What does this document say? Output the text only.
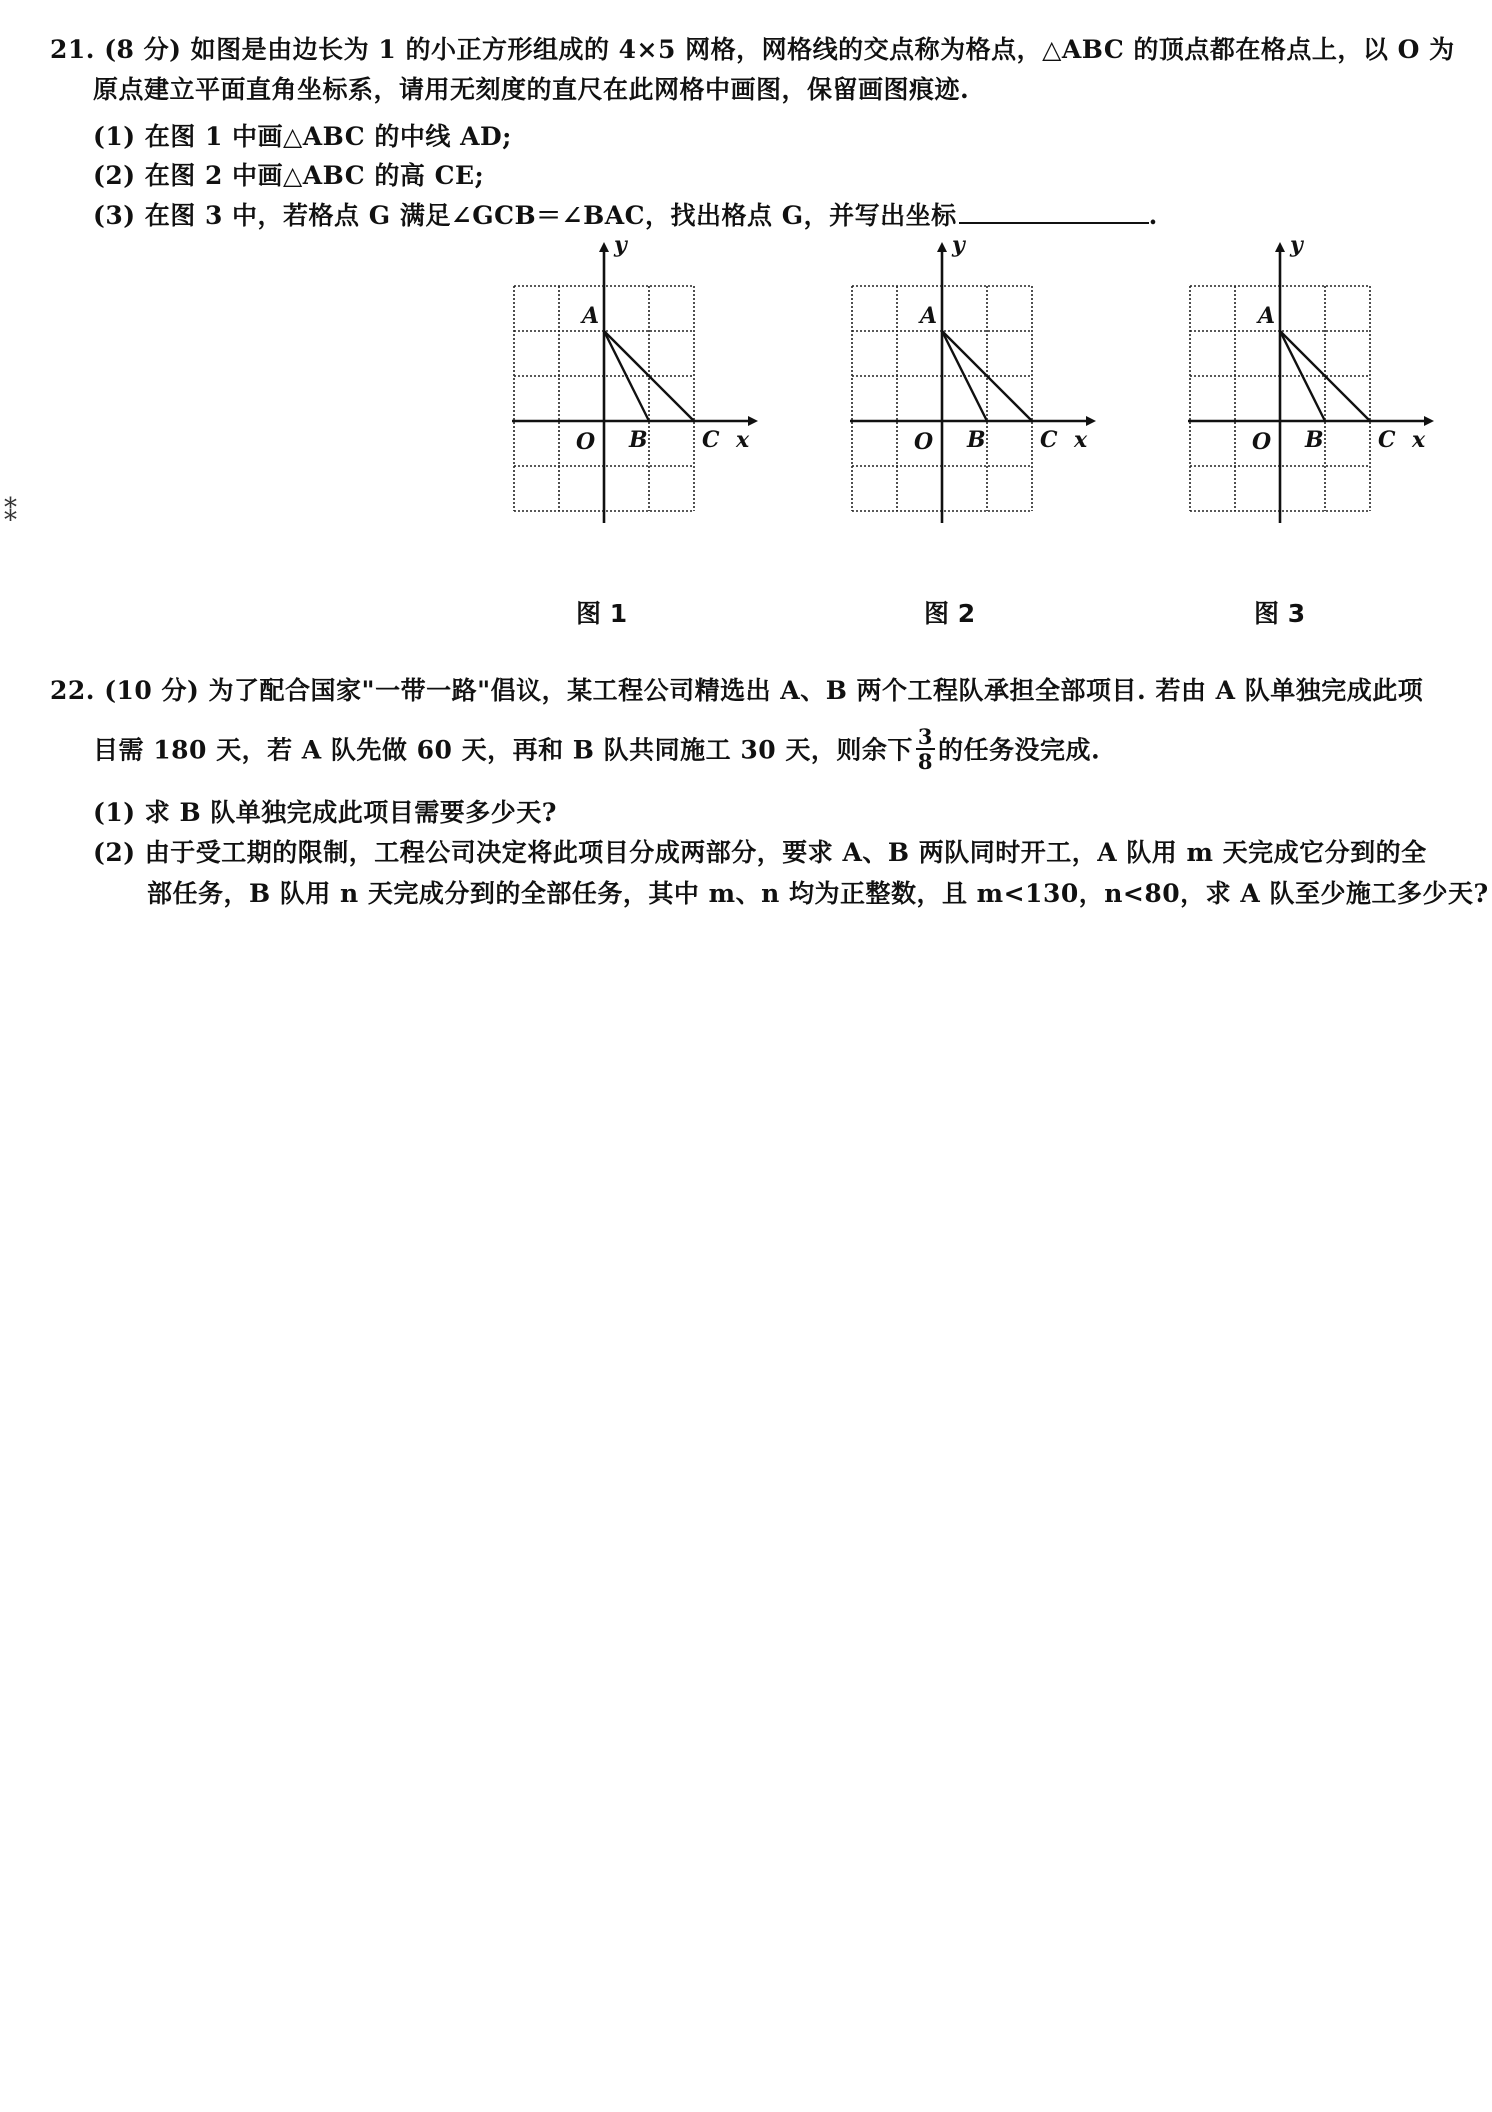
21. (8 分) 如图是由边长为 1 的小正方形组成的 4×5 网格，网格线的交点称为格点，△ABC 的顶点都在格点上，以 O 为
原点建立平面直角坐标系，请用无刻度的直尺在此网格中画图，保留画图痕迹.
(1) 在图 1 中画△ABC 的中线 AD;
(2) 在图 2 中画△ABC 的高 CE;
(3) 在图 3 中，若格点 G 满足∠GCB＝∠BAC，找出格点 G，并写出坐标	.
A
O B C x
y
A
O B C x
y
A
O B C x
y
图 1	图 2	图 3
⁑
22. (10 分) 为了配合国家"一带一路"倡议，某工程公司精选出 A、B 两个工程队承担全部项目. 若由 A 队单独完成此项
目需 180 天，若 A 队先做 60 天，再和 B 队共同施工 30 天，则余下 $\frac{3}{8}$ 的任务没完成.
(1) 求 B 队单独完成此项目需要多少天?
(2) 由于受工期的限制，工程公司决定将此项目分成两部分，要求 A、B 两队同时开工，A 队用 m 天完成它分到的全
部任务，B 队用 n 天完成分到的全部任务，其中 m、n 均为正整数，且 m<130，n<80，求 A 队至少施工多少天?
